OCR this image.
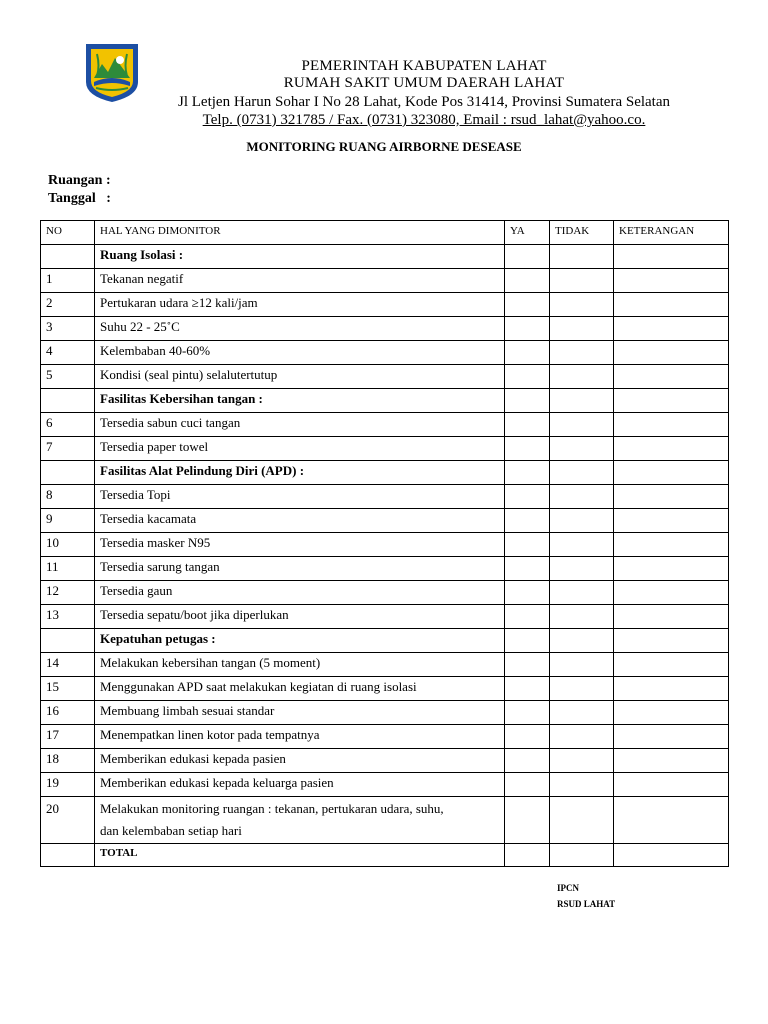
PEMERINTAH KABUPATEN LAHAT
RUMAH SAKIT UMUM DAERAH LAHAT
Jl Letjen Harun Sohar I No 28 Lahat, Kode Pos 31414, Provinsi Sumatera Selatan
Telp. (0731) 321785 / Fax. (0731) 323080, Email : rsud_lahat@yahoo.co.
MONITORING RUANG AIRBORNE DESEASE
Ruangan :
Tanggal   :
NO	HAL YANG DIMONITOR	YA	TIDAK	KETERANGAN
	Ruang Isolasi :			
1	Tekanan negatif			
2	Pertukaran udara ≥12 kali/jam			
3	Suhu 22 - 25˚C			
4	Kelembaban 40-60%			
5	Kondisi (seal pintu) selalutertutup			
	Fasilitas Kebersihan tangan :			
6	Tersedia sabun cuci tangan			
7	Tersedia paper towel			
	Fasilitas Alat Pelindung Diri (APD) :			
8	Tersedia Topi			
9	Tersedia kacamata			
10	Tersedia masker N95			
11	Tersedia sarung tangan			
12	Tersedia gaun			
13	Tersedia sepatu/boot jika diperlukan			
	Kepatuhan petugas :			
14	Melakukan kebersihan tangan (5 moment)			
15	Menggunakan APD saat melakukan kegiatan di ruang isolasi			
16	Membuang limbah sesuai standar			
17	Menempatkan linen kotor pada tempatnya			
18	Memberikan edukasi kepada pasien			
19	Memberikan edukasi kepada keluarga pasien			
20	Melakukan monitoring ruangan : tekanan, pertukaran udara, suhu,
dan kelembaban setiap hari			

	TOTAL			
IPCN
RSUD LAHAT
